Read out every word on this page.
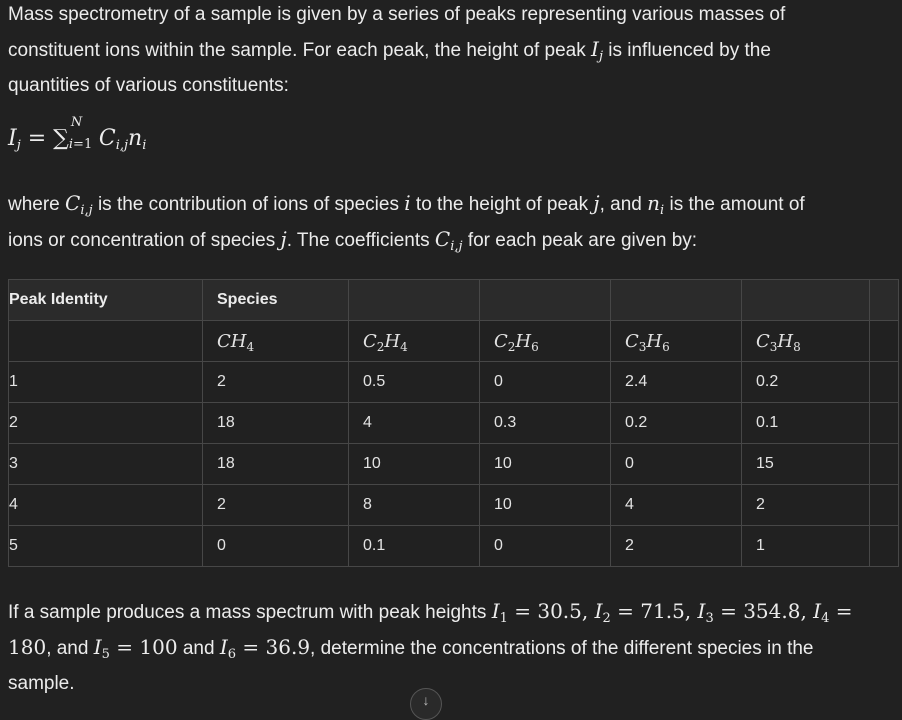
Mass spectrometry of a sample is given by a series of peaks representing various masses of
constituent ions within the sample. For each peak, the height of peak $I_j$ is influenced by the
quantities of various constituents:

$I_j$ = ∑
N
i=1 $C_{i,j}n_i$

where $C_{i,j}$ is the contribution of ions of species i to the height of peak j, and $n_i$ is the amount of
ions or concentration of species j. The coefficients $C_{i,j}$ for each peak are given by:

Peak Identity	Species					
	$CH_4$	$C_2H_4$	$C_2H_6$	$C_3H_6$	$C_3H_8$	
1	2	0.5	0	2.4	0.2	
2	18	4	0.3	0.2	0.1	
3	18	10	10	0	15	
4	2	8	10	4	2	
5	0	0.1	0	2	1	

If a sample produces a mass spectrum with peak heights $I_1 = 30.5$, $I_2 = 71.5$, $I_3 = 354.8$, $I_4$ =
180, and $I_5 = 100$ and $I_6 = 36.9$, determine the concentrations of the different species in the
sample.

↓
